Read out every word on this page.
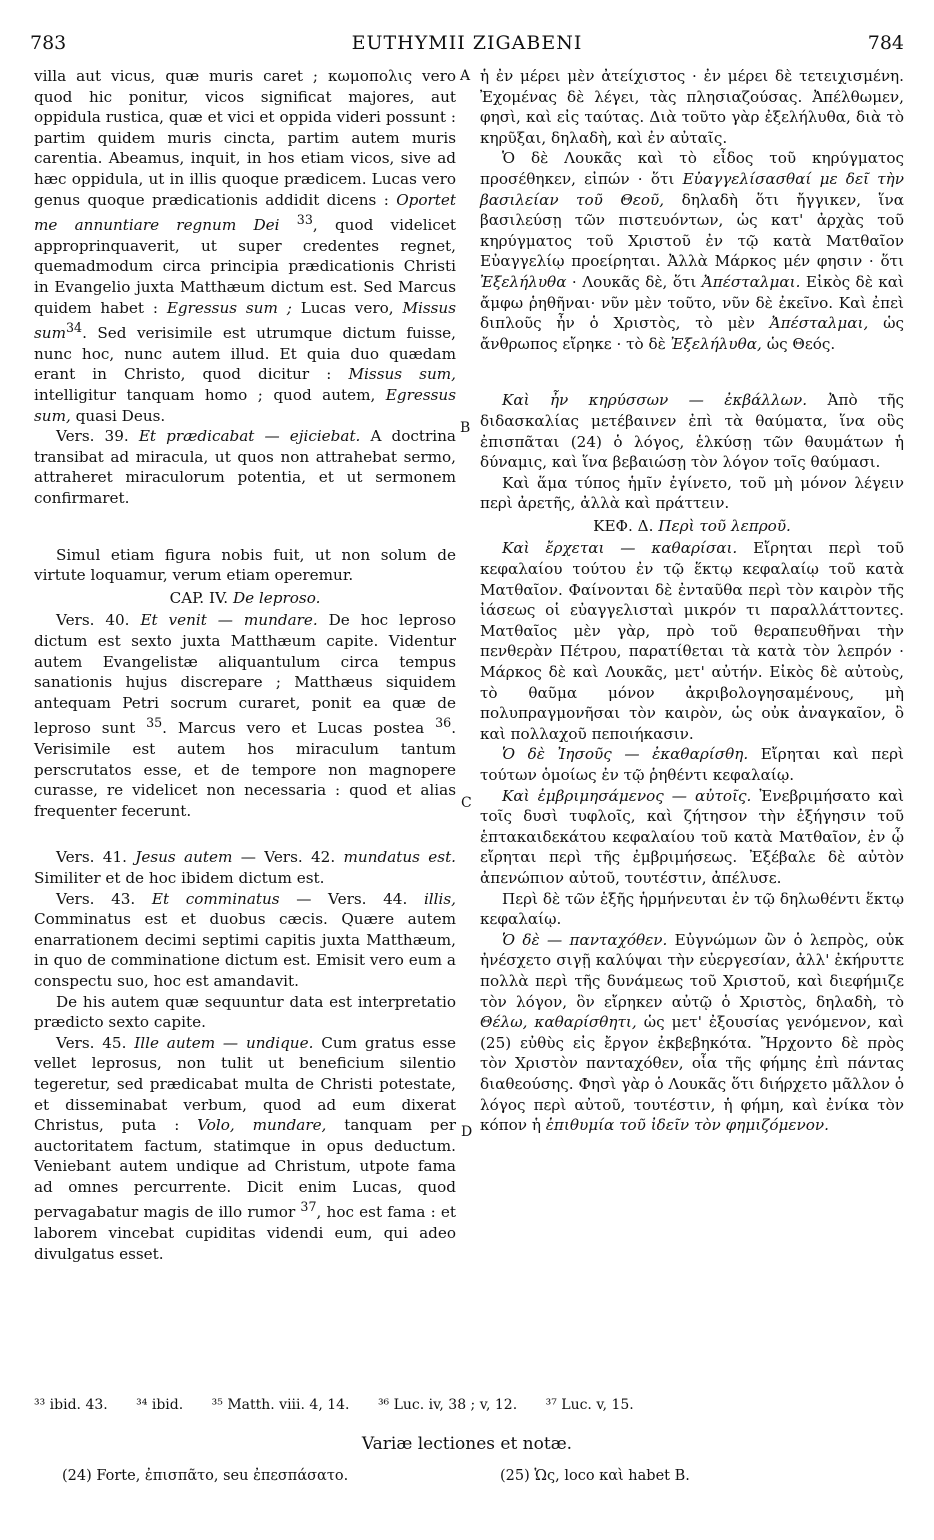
783	EUTHYMII ZIGABENI	784
A
B
C
D

villa aut vicus, quæ muris caret ; κωμοπολις vero quod hic ponitur, vicos significat majores, aut oppidula rustica, quæ et vici et oppida videri possunt : partim quidem muris cincta, partim autem muris carentia. Abeamus, inquit, in hos etiam vicos, sive ad hæc oppidula, ut in illis quoque prædicem. Lucas vero genus quoque prædicationis addidit dicens : Oportet me annuntiare regnum Dei $^{33}$, quod videlicet approprinquaverit, ut super credentes regnet, quemadmodum circa principia prædicationis Christi in Evangelio juxta Matthæum dictum est. Sed Marcus quidem habet : Egressus sum ; Lucas vero, Missus sum$^{34}$. Sed verisimile est utrumque dictum fuisse, nunc hoc, nunc autem illud. Et quia duo quædam erant in Christo, quod dicitur : Missus sum, intelligitur tanquam homo ; quod autem, Egressus sum, quasi Deus.

Vers. 39. Et prædicabat — ejiciebat. A doctrina transibat ad miracula, ut quos non attrahebat sermo, attraheret miraculorum potentia, et ut sermonem confirmaret.

Simul etiam figura nobis fuit, ut non solum de virtute loquamur, verum etiam operemur.

CAP. IV. De leproso.

Vers. 40. Et venit — mundare. De hoc leproso dictum est sexto juxta Matthæum capite. Videntur autem Evangelistæ aliquantulum circa tempus sanationis hujus discrepare ; Matthæus siquidem antequam Petri socrum curaret, ponit ea quæ de leproso sunt $^{35}$. Marcus vero et Lucas postea $^{36}$. Verisimile est autem hos miraculum tantum perscrutatos esse, et de tempore non magnopere curasse, re videlicet non necessaria : quod et alias frequenter fecerunt.

Vers. 41. Jesus autem — Vers. 42. mundatus est. Similiter et de hoc ibidem dictum est.

Vers. 43. Et comminatus — Vers. 44. illis, Comminatus est et duobus cæcis. Quære autem enarrationem decimi septimi capitis juxta Matthæum, in quo de comminatione dictum est. Emisit vero eum a conspectu suo, hoc est amandavit.

De his autem quæ sequuntur data est interpretatio prædicto sexto capite.

Vers. 45. Ille autem — undique. Cum gratus esse vellet leprosus, non tulit ut beneficium silentio tegeretur, sed prædicabat multa de Christi potestate, et disseminabat verbum, quod ad eum dixerat Christus, puta : Volo, mundare, tanquam per auctoritatem factum, statimque in opus deductum. Veniebant autem undique ad Christum, utpote fama ad omnes percurrente. Dicit enim Lucas, quod pervagabatur magis de illo rumor $^{37}$, hoc est fama : et laborem vincebat cupiditas videndi eum, qui adeo divulgatus esset.

ἡ ἐν μέρει μὲν ἀτείχιστος · ἐν μέρει δὲ τετειχισμένη. Ἐχομένας δὲ λέγει, τὰς πλησιαζούσας. Ἀπέλθωμεν, φησὶ, καὶ εἰς ταύτας. Διὰ τοῦτο γὰρ ἐξελήλυθα, διὰ τὸ κηρῦξαι, δηλαδὴ, καὶ ἐν αὐταῖς.

Ὁ δὲ Λουκᾶς καὶ τὸ εἶδος τοῦ κηρύγματος προσέθηκεν, εἰπών · ὅτι Εὐαγγελίσασθαί με δεῖ τὴν βασιλείαν τοῦ Θεοῦ, δηλαδὴ ὅτι ἤγγικεν, ἵνα βασιλεύσῃ τῶν πιστευόντων, ὡς κατ' ἀρχὰς τοῦ κηρύγματος τοῦ Χριστοῦ ἐν τῷ κατὰ Ματθαῖον Εὐαγγελίῳ προείρηται. Ἀλλὰ Μάρκος μέν φησιν · ὅτι Ἐξελήλυθα · Λουκᾶς δὲ, ὅτι Ἀπέσταλμαι. Εἰκὸς δὲ καὶ ἄμφω ῥηθῆναι· νῦν μὲν τοῦτο, νῦν δὲ ἐκεῖνο. Καὶ ἐπεὶ διπλοῦς ἦν ὁ Χριστὸς, τὸ μὲν Ἀπέσταλμαι, ὡς ἄνθρωπος εἴρηκε · τὸ δὲ Ἐξελήλυθα, ὡς Θεός.

Καὶ ἦν κηρύσσων — ἐκβάλλων. Ἀπὸ τῆς διδασκαλίας μετέβαινεν ἐπὶ τὰ θαύματα, ἵνα οὓς ἐπισπᾶται (24) ὁ λόγος, ἑλκύσῃ τῶν θαυμάτων ἡ δύναμις, καὶ ἵνα βεβαιώσῃ τὸν λόγον τοῖς θαύμασι.

Καὶ ἅμα τύπος ἡμῖν ἐγίνετο, τοῦ μὴ μόνον λέγειν περὶ ἀρετῆς, ἀλλὰ καὶ πράττειν.

ΚΕΦ. Δ. Περὶ τοῦ λεπροῦ.

Καὶ ἔρχεται — καθαρίσαι. Εἴρηται περὶ τοῦ κεφαλαίου τούτου ἐν τῷ ἕκτῳ κεφαλαίῳ τοῦ κατὰ Ματθαῖον. Φαίνονται δὲ ἐνταῦθα περὶ τὸν καιρὸν τῆς ἰάσεως οἱ εὐαγγελισταὶ μικρόν τι παραλλάττοντες. Ματθαῖος μὲν γὰρ, πρὸ τοῦ θεραπευθῆναι τὴν πενθερὰν Πέτρου, παρατίθεται τὰ κατὰ τὸν λεπρόν · Μάρκος δὲ καὶ Λουκᾶς, μετ' αὐτήν. Εἰκὸς δὲ αὐτοὺς, τὸ θαῦμα μόνον ἀκριβολογησαμένους, μὴ πολυπραγμονῆσαι τὸν καιρὸν, ὡς οὐκ ἀναγκαῖον, ὃ καὶ πολλαχοῦ πεποιήκασιν.

Ὁ δὲ Ἰησοῦς — ἐκαθαρίσθη. Εἴρηται καὶ περὶ τούτων ὁμοίως ἐν τῷ ῥηθέντι κεφαλαίῳ.

Καὶ ἐμβριμησάμενος — αὐτοῖς. Ἐνεβριμήσατο καὶ τοῖς δυσὶ τυφλοῖς, καὶ ζήτησον τὴν ἐξήγησιν τοῦ ἑπτακαιδεκάτου κεφαλαίου τοῦ κατὰ Ματθαῖον, ἐν ᾧ εἴρηται περὶ τῆς ἐμβριμήσεως. Ἐξέβαλε δὲ αὐτὸν ἀπενώπιον αὐτοῦ, τουτέστιν, ἀπέλυσε.

Περὶ δὲ τῶν ἑξῆς ἡρμήνευται ἐν τῷ δηλωθέντι ἕκτῳ κεφαλαίῳ.

Ὁ δὲ — πανταχόθεν. Εὐγνώμων ὢν ὁ λεπρὸς, οὐκ ἠνέσχετο σιγῇ καλύψαι τὴν εὐεργεσίαν, ἀλλ' ἐκήρυττε πολλὰ περὶ τῆς δυνάμεως τοῦ Χριστοῦ, καὶ διεφήμιζε τὸν λόγον, ὃν εἴρηκεν αὐτῷ ὁ Χριστὸς, δηλαδὴ, τὸ Θέλω, καθαρίσθητι, ὡς μετ' ἐξουσίας γενόμενον, καὶ (25) εὐθὺς εἰς ἔργον ἐκβεβηκότα. Ἤρχοντο δὲ πρὸς τὸν Χριστὸν πανταχόθεν, οἷα τῆς φήμης ἐπὶ πάντας διαθεούσης. Φησὶ γὰρ ὁ Λουκᾶς ὅτι διήρχετο μᾶλλον ὁ λόγος περὶ αὐτοῦ, τουτέστιν, ἡ φήμη, καὶ ἐνίκα τὸν κόπον ἡ ἐπιθυμία τοῦ ἰδεῖν τὸν φημιζόμενον.

³³ ibid. 43. ³⁴ ibid. ³⁵ Matth. viii. 4, 14. ³⁶ Luc. iv, 38 ; v, 12. ³⁷ Luc. v, 15.
Variæ lectiones et notæ.
(24) Forte, ἐπισπᾶτο, seu ἐπεσπάσατο.	(25) Ὡς, loco καὶ habet B.
